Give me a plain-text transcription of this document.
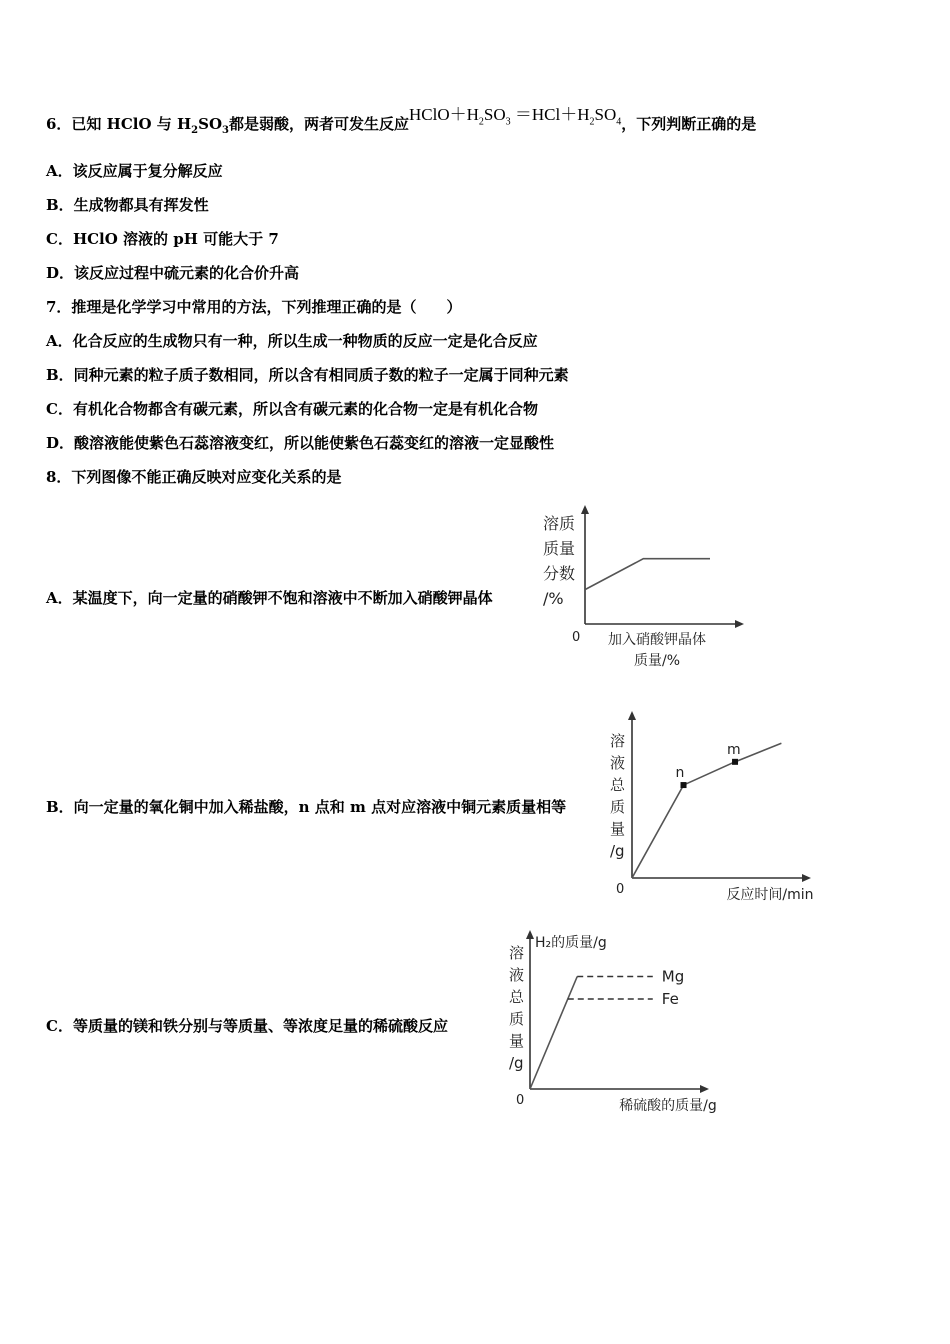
6．已知 HClO 与 $H_2SO_3$都是弱酸，两者可发生反应$HClO+H_2SO_3 =HCl+H_2SO_4$，下列判断正确的是
A．该反应属于复分解反应
B．生成物都具有挥发性
C．HClO 溶液的 pH 可能大于 7
D．该反应过程中硫元素的化合价升高
7．推理是化学学习中常用的方法，下列推理正确的是（　　）
A．化合反应的生成物只有一种，所以生成一种物质的反应一定是化合反应
B．同种元素的粒子质子数相同，所以含有相同质子数的粒子一定属于同种元素
C．有机化合物都含有碳元素，所以含有碳元素的化合物一定是有机化合物
D．酸溶液能使紫色石蕊溶液变红，所以能使紫色石蕊变红的溶液一定显酸性
8．下列图像不能正确反映对应变化关系的是
A．某温度下，向一定量的硝酸钾不饱和溶液中不断加入硝酸钾晶体
B．向一定量的氧化铜中加入稀盐酸，n 点和 m 点对应溶液中铜元素质量相等
C．等质量的镁和铁分别与等质量、等浓度足量的稀硫酸反应
溶质
质量
分数
/%
0 加入硝酸钾晶体
质量/%
n
m
溶
液
总
质
量
/g
0	反应时间/min
Mg
Fe
H₂的质量/g
溶
液
总
质
量
/g
0	稀硫酸的质量/g
